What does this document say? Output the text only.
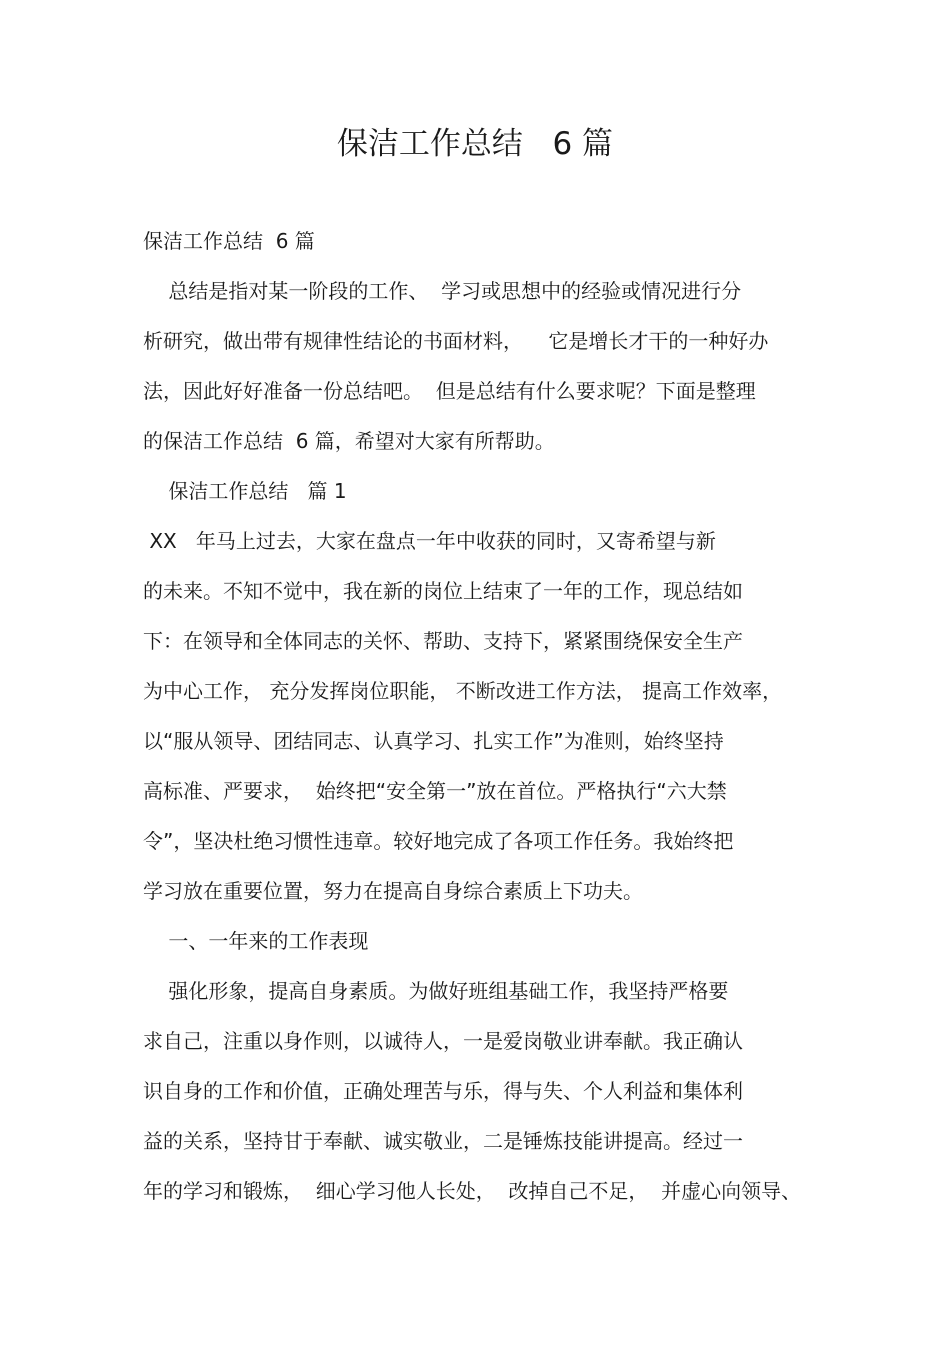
保洁工作总结   6 篇
保洁工作总结  6 篇
总结是指对某一阶段的工作、  学习或思想中的经验或情况进行分
析研究，做出带有规律性结论的书面材料，    它是增长才干的一种好办
法，因此好好准备一份总结吧。  但是总结有什么要求呢？下面是整理
的保洁工作总结  6 篇，希望对大家有所帮助。
保洁工作总结   篇 1
XX   年马上过去，大家在盘点一年中收获的同时，又寄希望与新
的未来。不知不觉中，我在新的岗位上结束了一年的工作，现总结如
下：在领导和全体同志的关怀、帮助、支持下，紧紧围绕保安全生产
为中心工作， 充分发挥岗位职能， 不断改进工作方法， 提高工作效率，
以“服从领导、团结同志、认真学习、扎实工作”为准则，始终坚持
高标准、严要求，  始终把“安全第一”放在首位。严格执行“六大禁
令”，坚决杜绝习惯性违章。较好地完成了各项工作任务。我始终把
学习放在重要位置，努力在提高自身综合素质上下功夫。
一、一年来的工作表现
强化形象，提高自身素质。为做好班组基础工作，我坚持严格要
求自己，注重以身作则，以诚待人，一是爱岗敬业讲奉献。我正确认
识自身的工作和价值，正确处理苦与乐，得与失、个人利益和集体利
益的关系，坚持甘于奉献、诚实敬业，二是锤炼技能讲提高。经过一
年的学习和锻炼，  细心学习他人长处，  改掉自己不足，  并虚心向领导、
